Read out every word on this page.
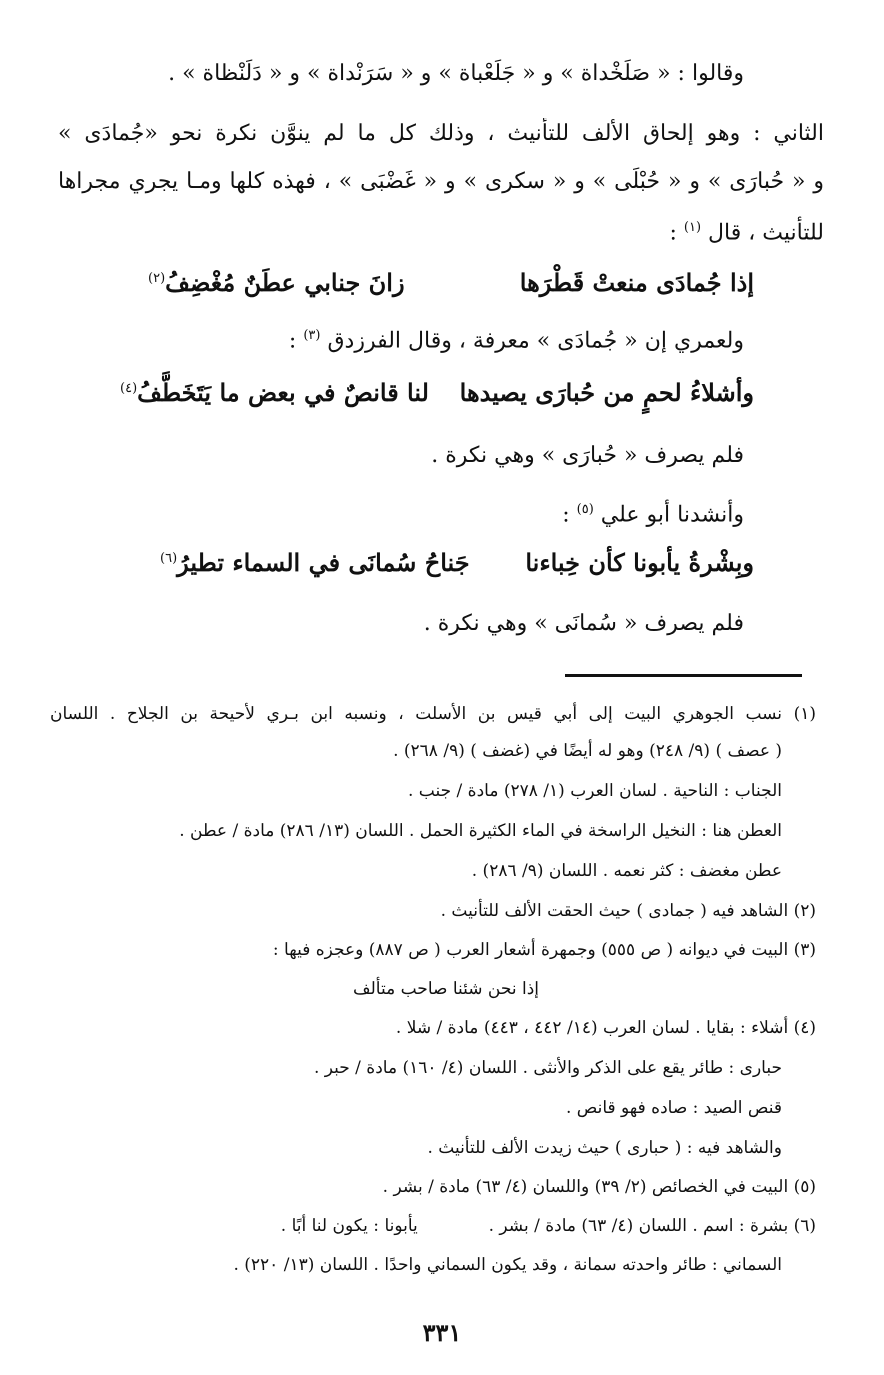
وقالوا : « صَلَخْداة » و « جَلَعْباة » و « سَرَنْداة » و « دَلَنْظاة » .
الثاني : وهو إلحاق الألف للتأنيث ، وذلك كل ما لم ينوَّن نكرة نحو «جُمادَى »
و « حُبارَى » و « حُبْلَى » و « سكرى » و « غَضْبَى » ، فهذه كلها ومـا يجري مجراها
للتأنيث ، قال $^{(١)}$ :
إذا جُمادَى منعتْ قَطْرَها
زانَ جنابي عطَنٌ مُغْضِفُ$^{(٢)}$
ولعمري إن « جُمادَى » معرفة ، وقال الفرزدق $^{(٣)}$ :
وأشلاءُ لحمٍ من حُبارَى يصيدها
لنا قانصٌ في بعض ما يَتَخَطَّفُ$^{(٤)}$
فلم يصرف « حُبارَى » وهي نكرة .
وأنشدنا أبو علي $^{(٥)}$ :
وبِشْرةُ يأبونا كأن خِباءنا
جَناحُ سُمانَى في السماء تطيرُ$^{(٦)}$
فلم يصرف « سُمانَى » وهي نكرة .
(١) نسب الجوهري البيت إلى أبي قيس بن الأسلت ، ونسبه ابن بـري لأحيحة بن الجلاح . اللسان
( عصف ) (٩/ ٢٤٨) وهو له أيضًا في (غضف ) (٩/ ٢٦٨) .
الجناب : الناحية . لسان العرب (١/ ٢٧٨) مادة / جنب .
العطن هنا : النخيل الراسخة في الماء الكثيرة الحمل . اللسان (١٣/ ٢٨٦) مادة / عطن .
عطن مغضف : كثر نعمه . اللسان (٩/ ٢٨٦) .
(٢) الشاهد فيه ( جمادى ) حيث الحقت الألف للتأنيث .
(٣) البيت في ديوانه ( ص ٥٥٥) وجمهرة أشعار العرب ( ص ٨٨٧) وعجزه فيها :
إذا نحن شئنا صاحب متألف
(٤) أشلاء : بقايا . لسان العرب (١٤/ ٤٤٢ ، ٤٤٣) مادة / شلا .
حبارى : طائر يقع على الذكر والأنثى . اللسان (٤/ ١٦٠) مادة / حبر .
قنص الصيد : صاده فهو قانص .
والشاهد فيه : ( حبارى ) حيث زيدت الألف للتأنيث .
(٥) البيت في الخصائص (٢/ ٣٩) واللسان (٤/ ٦٣) مادة / بشر .
(٦) بشرة : اسم . اللسان (٤/ ٦٣) مادة / بشر .  يأبونا : يكون لنا أبًا .
السماني : طائر واحدته سمانة ، وقد يكون السماني واحدًا . اللسان (١٣/ ٢٢٠) .
٣٣١
